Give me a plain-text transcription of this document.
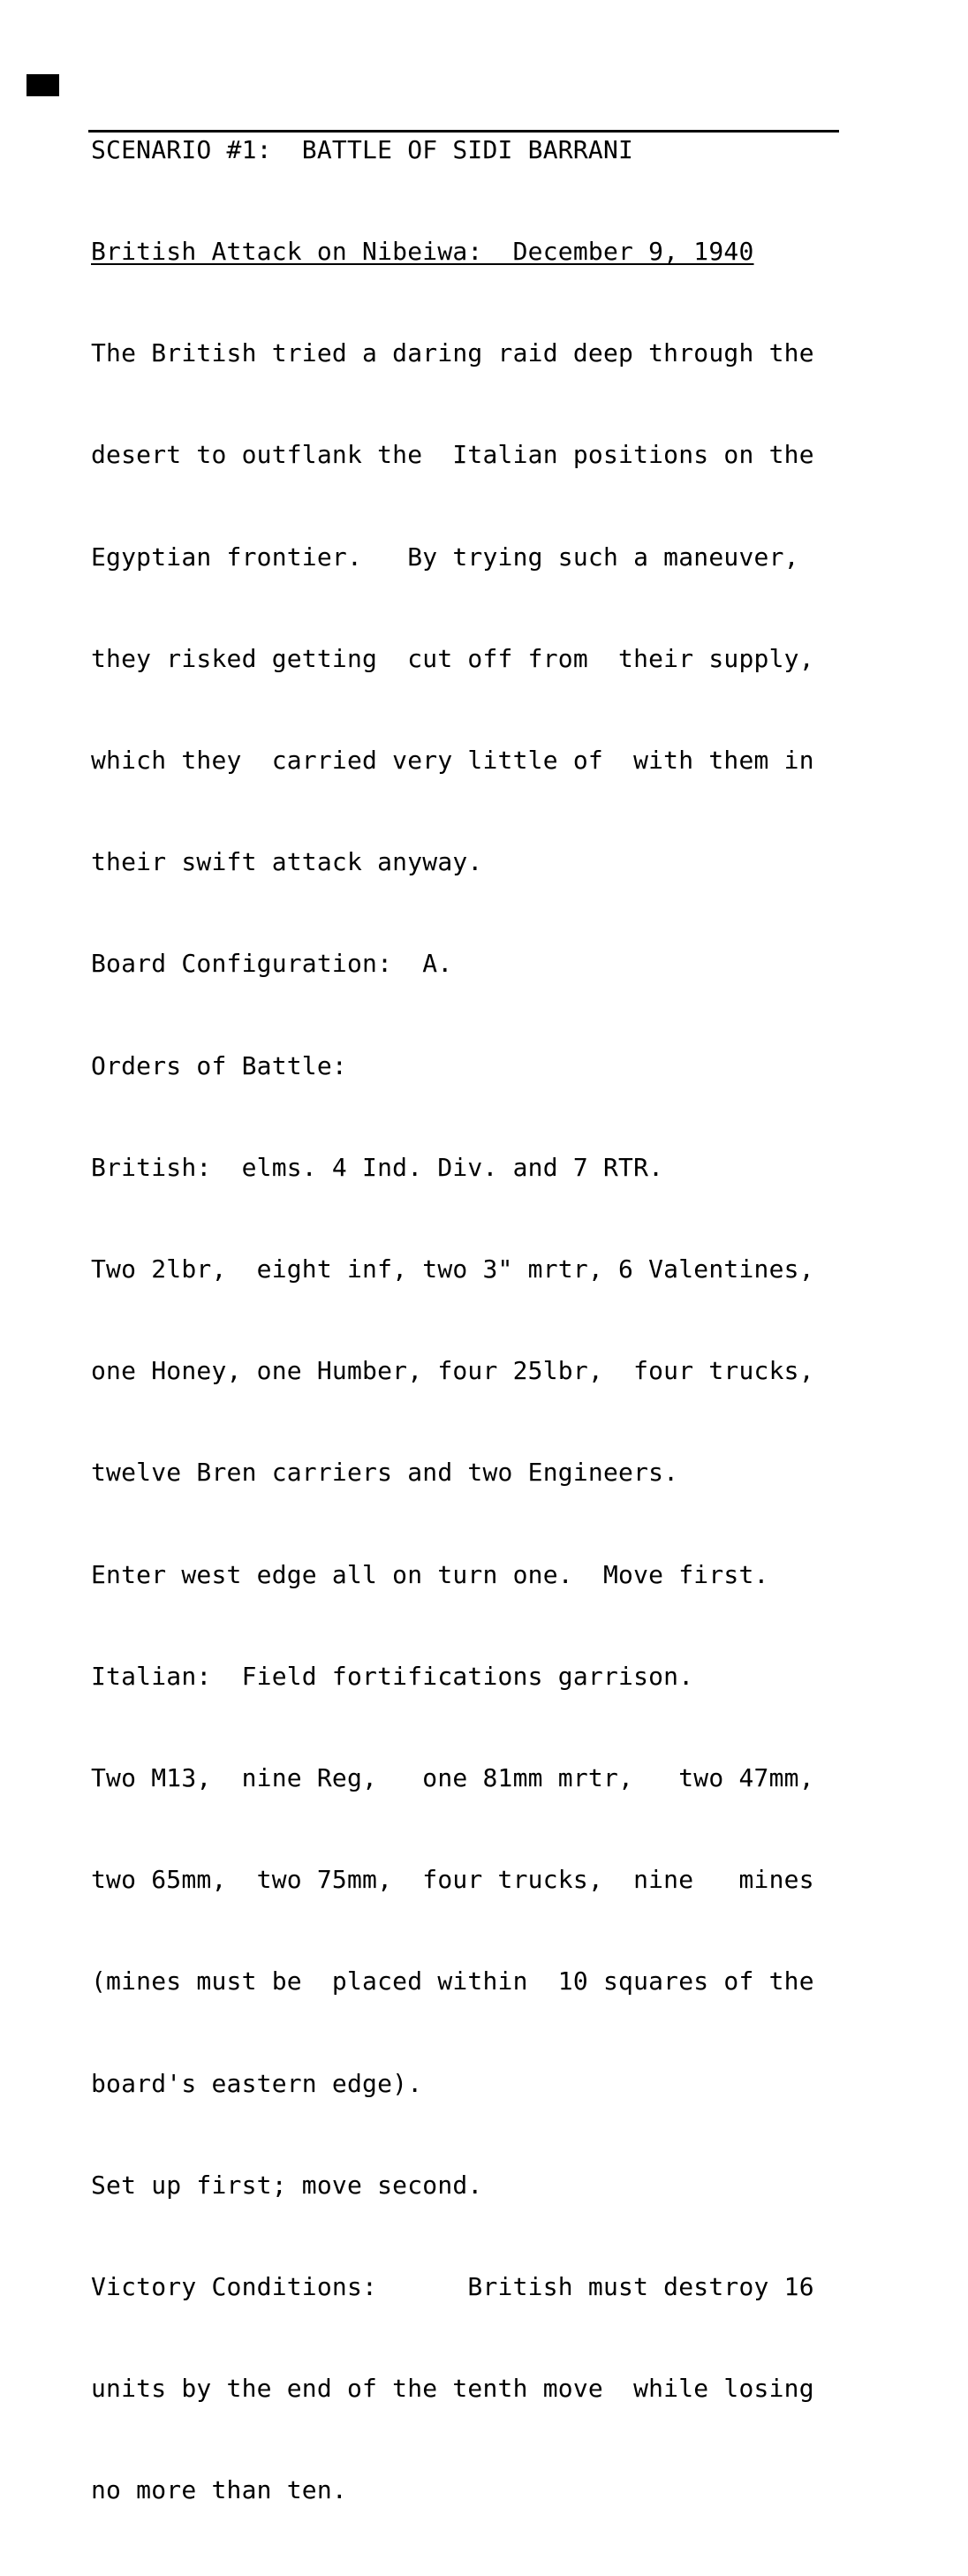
SCENARIO #1:  BATTLE OF SIDI BARRANI

British Attack on Nibeiwa:  December 9, 1940

The British tried a daring raid deep through the

desert to outflank the  Italian positions on the

Egyptian frontier.   By trying such a maneuver,

they risked getting  cut off from  their supply,

which they  carried very little of  with them in

their swift attack anyway.

Board Configuration:  A.

Orders of Battle:

British:  elms. 4 Ind. Div. and 7 RTR.

Two 2lbr,  eight inf, two 3" mrtr, 6 Valentines,

one Honey, one Humber, four 25lbr,  four trucks,

twelve Bren carriers and two Engineers.

Enter west edge all on turn one.  Move first.

Italian:  Field fortifications garrison.

Two M13,  nine Reg,   one 81mm mrtr,   two 47mm,

two 65mm,  two 75mm,  four trucks,  nine   mines

(mines must be  placed within  10 squares of the

board's eastern edge).

Set up first; move second.

Victory Conditions:      British must destroy 16

units by the end of the tenth move  while losing

no more than ten.
